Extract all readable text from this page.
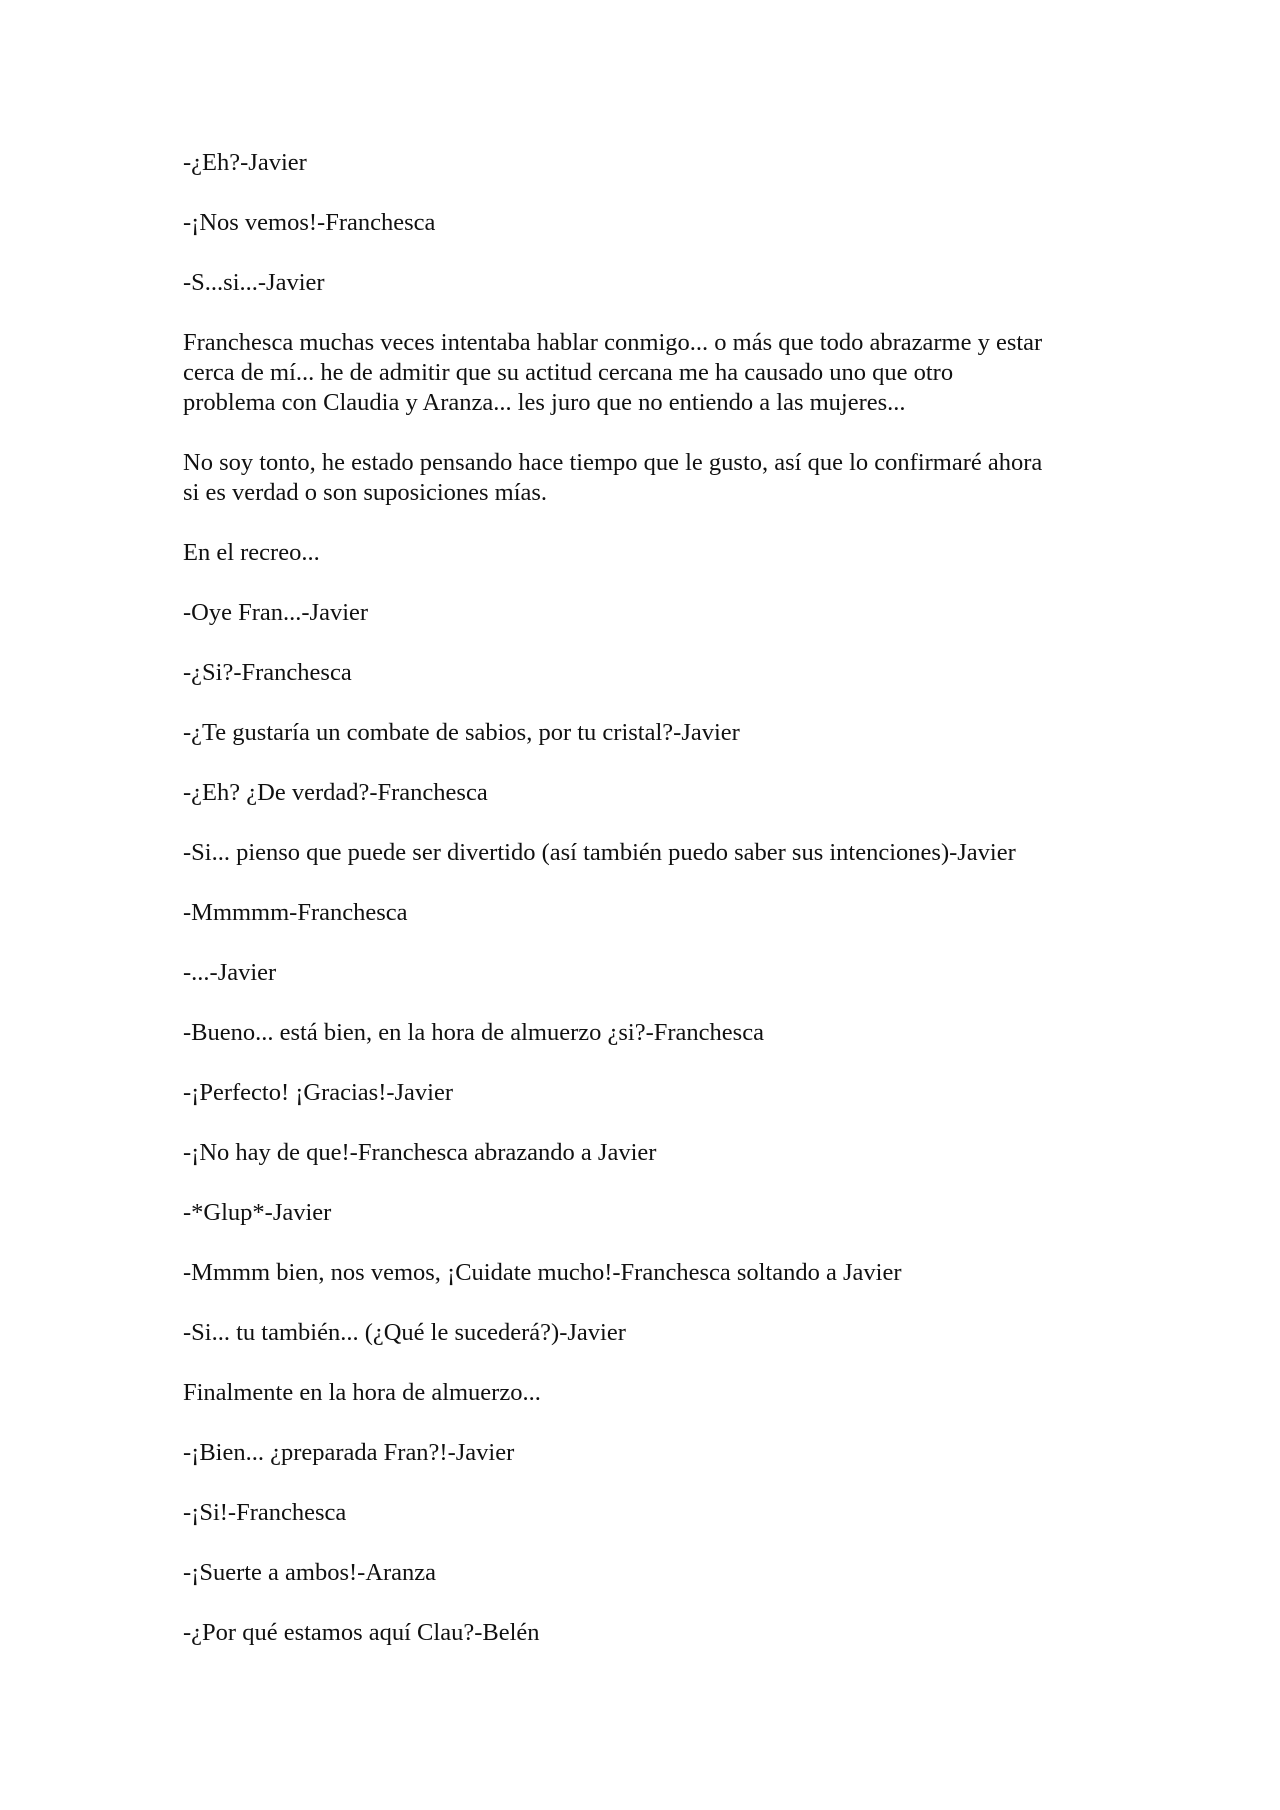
-¿Eh?-Javier

-¡Nos vemos!-Franchesca

-S...si...-Javier

Franchesca muchas veces intentaba hablar conmigo... o más que todo abrazarme y estar
cerca de mí... he de admitir que su actitud cercana me ha causado uno que otro
problema con Claudia y Aranza... les juro que no entiendo a las mujeres...

No soy tonto, he estado pensando hace tiempo que le gusto, así que lo confirmaré ahora
si es verdad o son suposiciones mías.

En el recreo...

-Oye Fran...-Javier

-¿Si?-Franchesca

-¿Te gustaría un combate de sabios, por tu cristal?-Javier

-¿Eh? ¿De verdad?-Franchesca

-Si... pienso que puede ser divertido (así también puedo saber sus intenciones)-Javier

-Mmmmm-Franchesca

-...-Javier

-Bueno... está bien, en la hora de almuerzo ¿si?-Franchesca

-¡Perfecto! ¡Gracias!-Javier

-¡No hay de que!-Franchesca abrazando a Javier

-*Glup*-Javier

-Mmmm bien, nos vemos, ¡Cuidate mucho!-Franchesca soltando a Javier

-Si... tu también... (¿Qué le sucederá?)-Javier

Finalmente en la hora de almuerzo...

-¡Bien... ¿preparada Fran?!-Javier

-¡Si!-Franchesca

-¡Suerte a ambos!-Aranza

-¿Por qué estamos aquí Clau?-Belén
